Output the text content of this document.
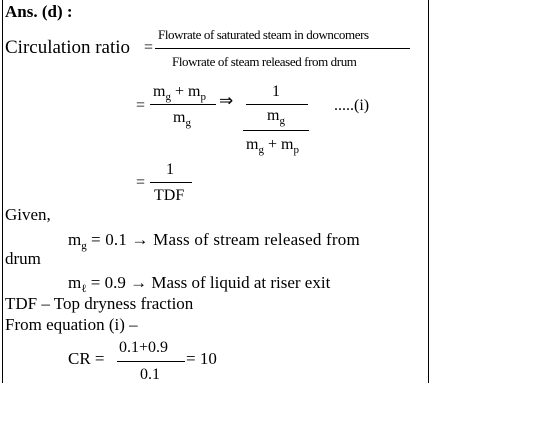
Ans. (d) :
Circulation ratio =
Flowrate of saturated steam in downcomers
Flowrate of steam released from drum
=
$m_g + m_p$
$m_g$
⇒ 1
$m_g$
$m_g + m_p$
.....(i)
=
1
TDF
Given,
$m_g = 0.1$ → Mass of stream released from
drum
$m_\ell = 0.9$ → Mass of liquid at riser exit
TDF – Top dryness fraction
From equation (i) –
CR =
0.1+0.9
0.1
= 10
